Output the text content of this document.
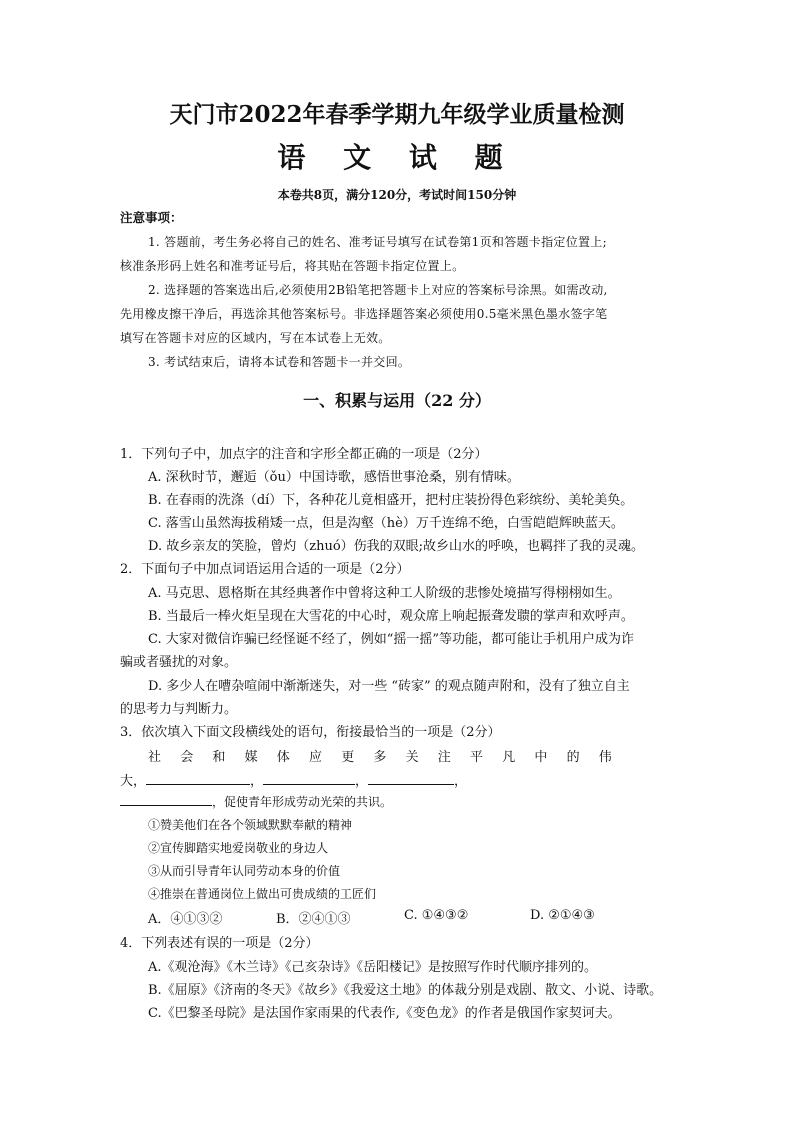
天门市2022年春季学期九年级学业质量检测
语 文 试 题
本卷共8页，满分120分，考试时间150分钟
注意事项：
1. 答题前，考生务必将自己的姓名、准考证号填写在试卷第1页和答题卡指定位置上;
核准条形码上姓名和准考证号后，将其贴在答题卡指定位置上。
2. 选择题的答案选出后,必须使用2B铅笔把答题卡上对应的答案标号涂黑。如需改动,
先用橡皮擦干净后，再选涂其他答案标号。非选择题答案必须使用0.5毫米黑色墨水签字笔
填写在答题卡对应的区域内，写在本试卷上无效。
3. 考试结束后，请将本试卷和答题卡一并交回。
一、积累与运用（22 分）
1．下列句子中，加点字的注音和字形全都正确的一项是（2分）
A. 深秋时节，邂逅（ǒu）中国诗歌，感悟世事沧桑，别有情味。
B. 在春雨的洗涤（dí）下，各种花儿竟相盛开，把村庄装扮得色彩缤纷、美轮美奂。
C. 落雪山虽然海拔稍矮一点，但是沟壑（hè）万千连绵不绝，白雪皑皑辉映蓝天。
D. 故乡亲友的笑脸，曾灼（zhuó）伤我的双眼;故乡山水的呼唤，也羁拌了我的灵魂。
2．下面句子中加点词语运用合适的一项是（2分）
A. 马克思、恩格斯在其经典著作中曾将这种工人阶级的悲惨处境描写得栩栩如生。
B. 当最后一棒火炬呈现在大雪花的中心时，观众席上响起振聋发聩的掌声和欢呼声。
C. 大家对微信诈骗已经怪诞不经了，例如“摇一摇”等功能，都可能让手机用户成为诈
骗或者骚扰的对象。
D. 多少人在嘈杂喧闹中渐渐迷失，对一些 “砖家” 的观点随声附和，没有了独立自主
的思考力与判断力。
3．依次填入下面文段横线处的语句，衔接最恰当的一项是（2分）
社会和媒体应更多关注平凡中的伟
大，	，	，	，
，促使青年形成劳动光荣的共识。
①赞美他们在各个领域默默奉献的精神
②宣传脚踏实地爱岗敬业的身边人
③从而引导青年认同劳动本身的价值
④推崇在普通岗位上做出可贵成绩的工匠们
A．④①③②	B．②④①③	C. ①④③②	D. ②①④③
4．下列表述有误的一项是（2分）
A.《观沧海》《木兰诗》《己亥杂诗》《岳阳楼记》是按照写作时代顺序排列的。
B.《屈原》《济南的冬天》《故乡》《我爱这土地》的体裁分别是戏剧、散文、小说、诗歌。
C.《巴黎圣母院》是法国作家雨果的代表作,《变色龙》的作者是俄国作家契诃夫。
